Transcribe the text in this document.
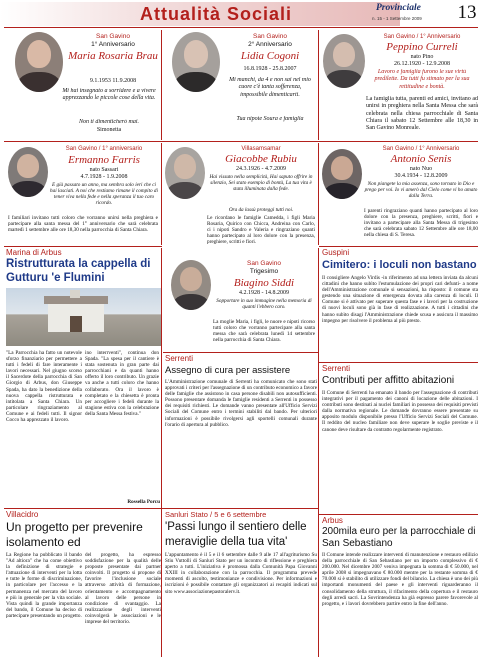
Attualità Sociali	Provinciale
n. 15 - 1 Settembre 2009	13
San Gavino
1° Anniversario
Maria Rosaria Brau
9.1.1953 11.9.2008
Mi hai insegnato a sorridere e a vivere apprezzando le piccole cose della vita.
Non ti dimenticherò mai.
Simonetta
San Gavino
2° Anniversario
Lidia Cogoni
16.8.1928 - 25.8.2007
Mi manchi, da 4 e non sai nel mio cuore c'è tanta sofferenza, impossibile dimenticarti.
Tua nipote Soura e famiglia
San Gavino / 1° Anniversario
Peppino Curreli
nato Pino
26.12.1920 - 12.9.2008
Lavoro e famiglia furono le sue virtù predilette. Da tutti fu stimato per la sua rettitudine e bontà.
La famiglia tutta, parenti ed amici, invitano ad unirsi in preghiera nella Santa Messa che sarà celebrata nella chiesa parrocchiale di Santa Chiara il sabato 12 Settembre alle 18,30 in San Gavino Monreale.
San Gavino / 1° anniversario
Ermanno Farris
nato Sassari
4.7.1928 - 1.9.2008
E già passato un anno, ma sembra solo ieri che ci hai lasciati. A noi che restiamo rimane il compito di tener viva nella fede e nella speranza il tuo caro ricordo.
I familiari invitano tutti coloro che vorranno unirsi nella preghiera e partecipare alla santa messa del 1° anniversario che sarà celebrata martedì 1 settembre alle ore 18,30 nella parrocchia di Santa Chiara.
Villasamsamar
Giacobbe Rubiu
24.3.1926 - 4.7.2009
Hai vissuto nella semplicità, Hai saputo offrire in silenzio, Sei stato esempio di bontà, La tua vita è stata illuminata dalla fede.
Ora da lassù proteggi tutti noi.
Le ricordano le famiglie Camedda, i figli Maria Rosaria, Quirico con Chicca, Andreina con Carlo, ci i nipoti Sandro e Valeria e ringraziano quanti hanno partecipato al loro dolore con la presenza, preghiere, scritti e fiori.
San Gavino / 1° Anniversario
Antonio Senis
nato Nuo
30.4.1934 - 12.8.2009
Non piangete la mia assenza, sono tornato in Dio e prego per voi. Io vi amerò dal Cielo come vi ho amato dalla Terra.
I parenti ringraziano quanti hanno partecipato al loro dolore con la presenza, preghiere, scritti, fiori e invitano a partecipare alla Santa Messa di trigesimo che sarà celebrata sabato 12 Settembre alle ore 18,00 nella chiesa di S. Teresa.
Marina di Arbus
Ristrutturata la cappella di Gutturu 'e Flumini
"La Parrocchia ha fatto un notevole sforzo finanziario per permettere a tutti i fedeli di fare interamente i lavori necessari. Nel giugno scorso il Sacerdote della parrocchia di San Giorgio di Arbus, don Giuseppe Spada, ha dato la benedizione della nuova cappella ristrutturata e intitolata a Santa Chiara. Un particolare ringraziamento al Comune e ai fedeli tutti. Il signor Cocco ha apprezzato il lavoro.
ino interrventi", continua don Spada. "La spesa per il cantiere è stata sostenuta in gran parte dai parrocchiani e da quanti hanno offerto il loro contributo. Un grazie va anche a tutti coloro che hanno collaborato. Ora il lavoro è completato e la chiesetta è pronta per accogliere i fedeli durante la stagione estiva con la celebrazione della Santa Messa festiva."
Rossella Porcu
San Gavino
Trigesimo
Biagino Siddi
4.2.1928 - 14.8.2009
Sopportare in suo immagine nella memoria di quanti l'ebbero caro.
La moglie Maria, i figli, le nuore e nipoti ricorso tutti coloro che vorranno partecipare alla santa messa che sarà celebrata lunedì 14 settembre nella parrocchia di Santa Chiara.
Guspini
Cimitero: i loculi non bastano
Il consigliere Angelo Virdis -in riferimento ad una lettera inviata da alcuni cittadini che hanno subìto l'estumulazione dei propri cari defunti- a nome dell'Amministrazione comunale si sensazioni, ha risposto: il comune sta gestendo una situazione di emergenza dovuta alla carenza di loculi. Il Comune si è attivato per superare questa fase e i lavori per la costruzione di nuovi loculi sono già in fase di realizzazione. A tutti i cittadini che hanno subìto disagi l'Amministrazione chiede scusa e assicura il massimo impegno per risolvere il problema al più presto.
Serrenti
Assegno di cura per assistere
L'Amministrazione comunale di Serrenti ha comunicato che sono stati approvati i criteri per l'assegnazione di un contributo economico a favore delle famiglie che assistono in casa persone disabili non autosufficienti. Possono presentare domanda le famiglie residenti a Serrenti in possesso dei requisiti richiesti. Le domande vanno presentate all'Ufficio Servizi Sociali del Comune entro i termini stabiliti dal bando. Per ulteriori informazioni è possibile rivolgersi agli sportelli comunali durante l'orario di apertura al pubblico.
Serrenti
Contributi per affitto abitazioni
Il Comune di Serrenti ha emanato il bando per l'assegnazione di contributi integrativi per il pagamento dei canoni di locazione delle abitazioni. I contributi sono destinati ai nuclei familiari in possesso dei requisiti previsti dalla normativa regionale. Le domande dovranno essere presentate su apposito modulo disponibile presso l'Ufficio Servizi Sociali del Comune. Il reddito del nucleo familiare non deve superare le soglie previste e il canone deve risultare da contratto regolarmente registrato.
Villacidro
Un progetto per prevenire isolamento ed
La Regione ha pubblicato il bando "Ad altiora" che ha come obiettivo la definizione di strategie e l'attuazione di interventi per la lotta e tutte le forme di discriminazione, in particolare per l'accesso e la permanenza nel mercato del lavoro e più in generale per la vita sociale. Vista quindi la grande importanza del bando, il Comune ha deciso di partecipare presentando un progetto.
del progetto, ha espresso soddisfazione per la qualità delle proposte presentate dai partner coinvolti. Il progetto si propone di favorire l'inclusione sociale attraverso attività di formazione, orientamento e accompagnamento al lavoro delle persone in condizione di svantaggio. La realizzazione degli interventi coinvolgerà le associazioni e le imprese del territorio.
Sanluri Stato / 5 e 6 settembre
'Passi lungo il sentiero delle meraviglie della tua vita'
L'appuntamento è il 5 e il 6 settembre dalle 9 alle 17 all'agriturismo Su Stiu Vuttolli di Sanluri Stato per un incontro di riflessione e preghiera aperto a tutti. L'iniziativa è promossa dalla Comunità Papa Giovanni XXIII in collaborazione con la parrocchia. Il programma prevede momenti di ascolto, testimonianze e condivisione. Per informazioni e iscrizioni è possibile contattare gli organizzatori ai recapiti indicati sul sito www.associazionepastoralerv.it.
Arbus
200mila euro per la parrocchiale di San Sebastiano
Il Comune intende realizzare interventi di manutenzione e restauro edilizio della parrocchiale di San Sebastiano per un importo complessivo di € 200.000. Nel dicembre 2007 veniva impegnata la somma di € 50.000, nel aprile 2008 si impegnavano € 80.000 mentre per la restante somma di € 70.000 si è stabilito di utilizzare fondi del bilancio. La chiesa è uno dei più importanti monumenti del paese e gli interventi riguarderanno il consolidamento della struttura, il rifacimento della copertura e il restauro degli arredi sacri. La Sovrintendenza ha già espresso parere favorevole al progetto, e i lavori dovrebbero partire entro la fine dell'anno.
